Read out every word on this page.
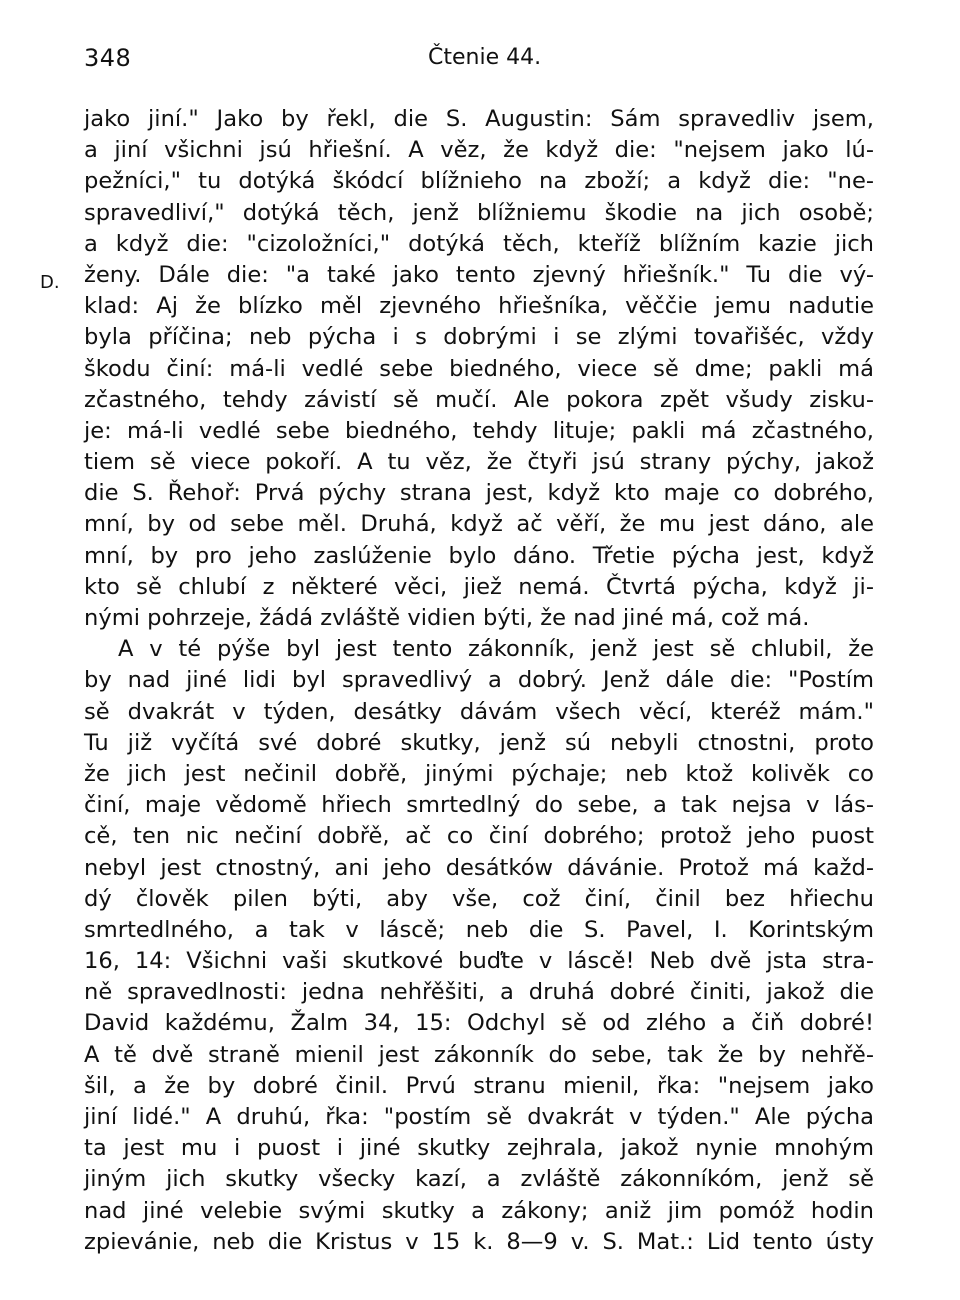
348	Čtenie 44.
D.
jako jiní." Jako by řekl, die S. Augustin: Sám spravedliv jsem,
a jiní všichni jsú hřiešní. A věz, že když die: "nejsem jako lú-
pežníci," tu dotýká škódcí blížnieho na zboží; a když die: "ne-
spravedliví," dotýká těch, jenž blížniemu škodie na jich osobě;
a když die: "cizoložníci," dotýká těch, kteříž blížním kazie jich
ženy. Dále die: "a také jako tento zjevný hřiešník." Tu die vý-
klad: Aj že blízko měl zjevného hřiešníka, věččie jemu nadutie
byla příčina; neb pýcha i s dobrými i se zlými tovařišéc, vždy
škodu činí: má-li vedlé sebe biedného, viece sě dme; pakli má
zčastného, tehdy závistí sě mučí. Ale pokora zpět všudy zisku-
je: má-li vedlé sebe biedného, tehdy lituje; pakli má zčastného,
tiem sě viece pokoří. A tu věz, že čtyři jsú strany pýchy, jakož
die S. Řehoř: Prvá pýchy strana jest, když kto maje co dobrého,
mní, by od sebe měl. Druhá, když ač věří, že mu jest dáno, ale
mní, by pro jeho zaslúženie bylo dáno. Třetie pýcha jest, když
kto sě chlubí z některé věci, jiež nemá. Čtvrtá pýcha, když ji-
nými pohrzeje, žádá zvláště vidien býti, že nad jiné má, což má.
A v té pýše byl jest tento zákonník, jenž jest sě chlubil, že
by nad jiné lidi byl spravedlivý a dobrý. Jenž dále die: "Postím
sě dvakrát v týden, desátky dávám všech věcí, kteréž mám."
Tu již vyčítá své dobré skutky, jenž sú nebyli ctnostni, proto
že jich jest nečinil dobřě, jinými pýchaje; neb ktož kolivěk co
činí, maje vědomě hřiech smrtedlný do sebe, a tak nejsa v lás-
cě, ten nic nečiní dobřě, ač co činí dobrého; protož jeho puost
nebyl jest ctnostný, ani jeho desátków dávánie. Protož má každ-
dý člověk pilen býti, aby vše, což činí, činil bez hřiechu
smrtedlného, a tak v láscě; neb die S. Pavel, I. Korintským
16, 14: Všichni vaši skutkové buďte v láscě! Neb dvě jsta stra-
ně spravedlnosti: jedna nehřěšiti, a druhá dobré činiti, jakož die
David každému, Žalm 34, 15: Odchyl sě od zlého a čiň dobré!
A tě dvě straně mienil jest zákonník do sebe, tak že by nehřě-
šil, a že by dobré činil. Prvú stranu mienil, řka: "nejsem jako
jiní lidé." A druhú, řka: "postím sě dvakrát v týden." Ale pýcha
ta jest mu i puost i jiné skutky zejhrala, jakož nynie mnohým
jiným jich skutky všecky kazí, a zvláště zákonníkóm, jenž sě
nad jiné velebie svými skutky a zákony; aniž jim pomóž hodin
zpievánie, neb die Kristus v 15 k. 8—9 v. S. Mat.: Lid tento ústy
